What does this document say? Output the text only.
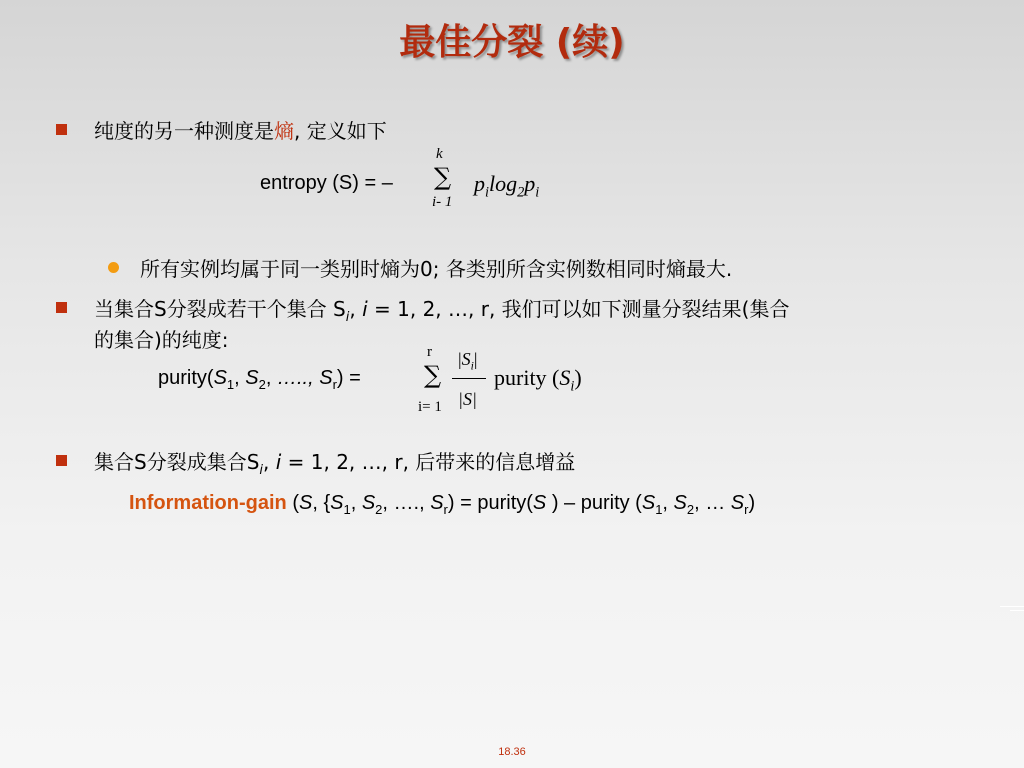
最佳分裂 (续)
纯度的另一种测度是熵, 定义如下
entropy (S) = –
k
∑
i- 1
$p_i\log_2p_i$
所有实例均属于同一类别时熵为0; 各类别所含实例数相同时熵最大.
当集合S分裂成若干个集合 $S_i$, i = 1, 2, …, r, 我们可以如下测量分裂结果(集合
的集合)的纯度:
$purity(S_1$, $S_2$, ….., $S_r$) =
r
∑
i= 1
$|S_i|$
|S|
purity $(S_i)$
集合S分裂成集合$S_i$, i = 1, 2, …, r, 后带来的信息增益
Information-gain (S, {$S_1$, $S_2$, …., $S_r$) = purity(S ) – purity ($S_1$, $S_2$, … $S_r$)
18.36
